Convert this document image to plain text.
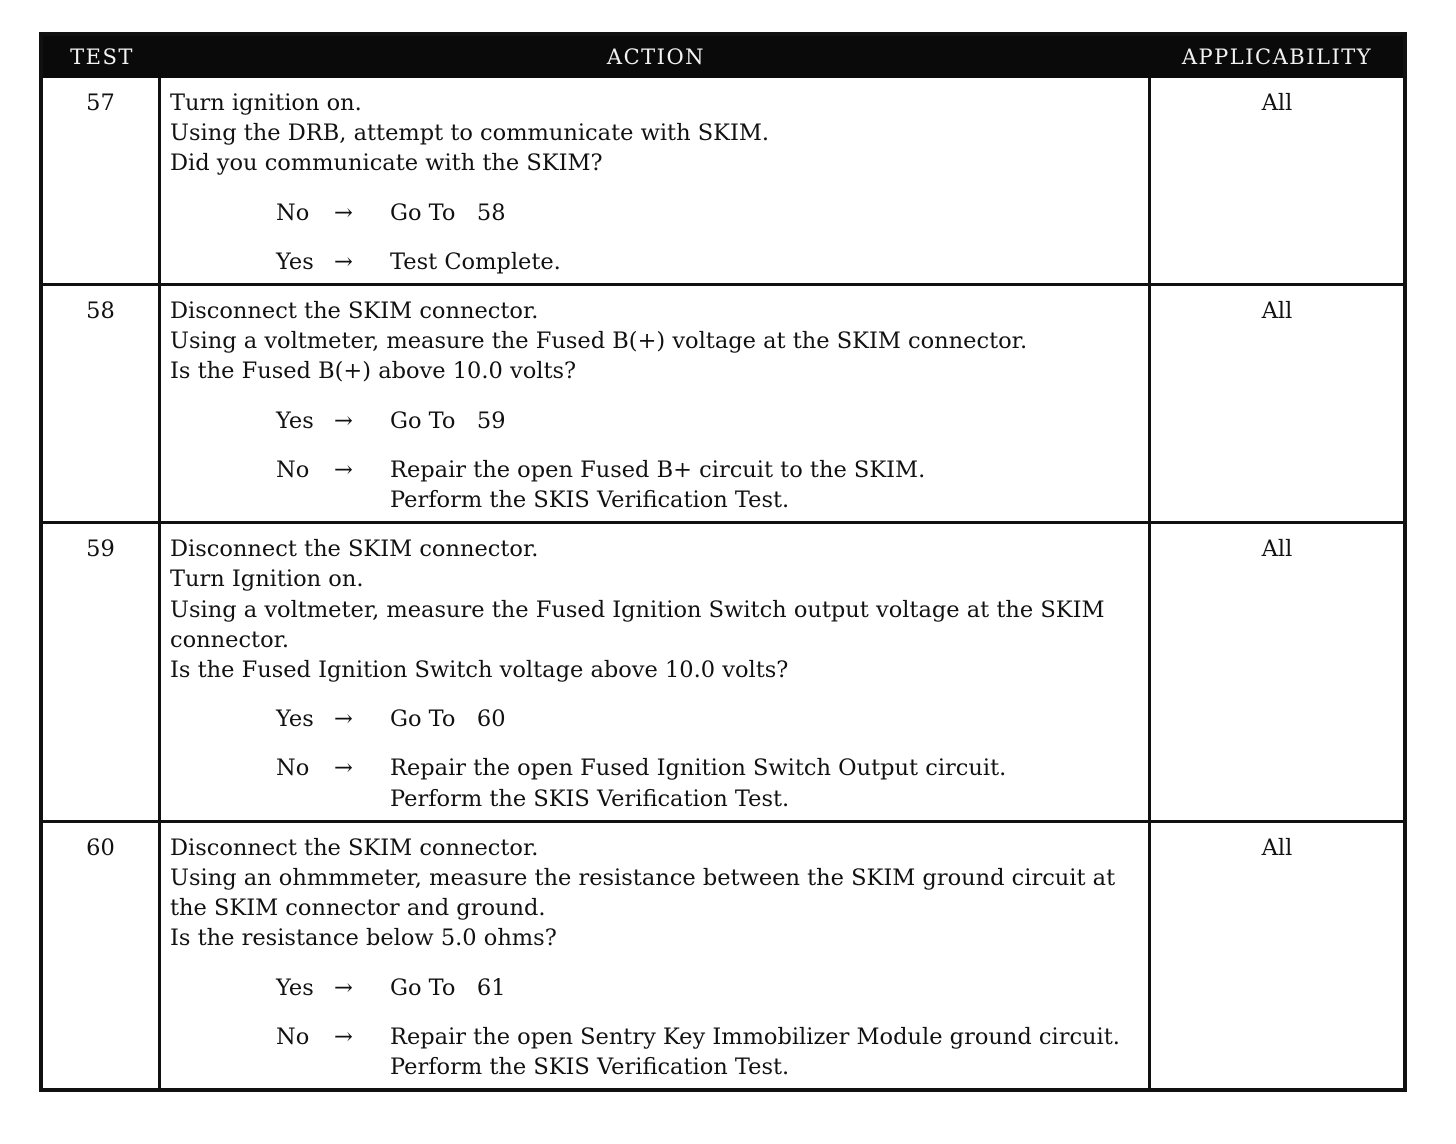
TEST	ACTION	APPLICABILITY
57	Turn ignition on.
Using the DRB, attempt to communicate with SKIM.
Did you communicate with the SKIM?
No	→	Go To   58
Yes →	Test Complete.
All
58	Disconnect the SKIM connector.
Using a voltmeter, measure the Fused B(+) voltage at the SKIM connector.
Is the Fused B(+) above 10.0 volts?
Yes →	Go To   59
No	→	Repair the open Fused B+ circuit to the SKIM.
Perform the SKIS Verification Test.
All
59	Disconnect the SKIM connector.
Turn Ignition on.
Using a voltmeter, measure the Fused Ignition Switch output voltage at the SKIM
connector.
Is the Fused Ignition Switch voltage above 10.0 volts?
Yes →	Go To   60
No	→	Repair the open Fused Ignition Switch Output circuit.
Perform the SKIS Verification Test.
All
60	Disconnect the SKIM connector.
Using an ohmmmeter, measure the resistance between the SKIM ground circuit at
the SKIM connector and ground.
Is the resistance below 5.0 ohms?
Yes →	Go To   61
No	→	Repair the open Sentry Key Immobilizer Module ground circuit.
Perform the SKIS Verification Test.
All
